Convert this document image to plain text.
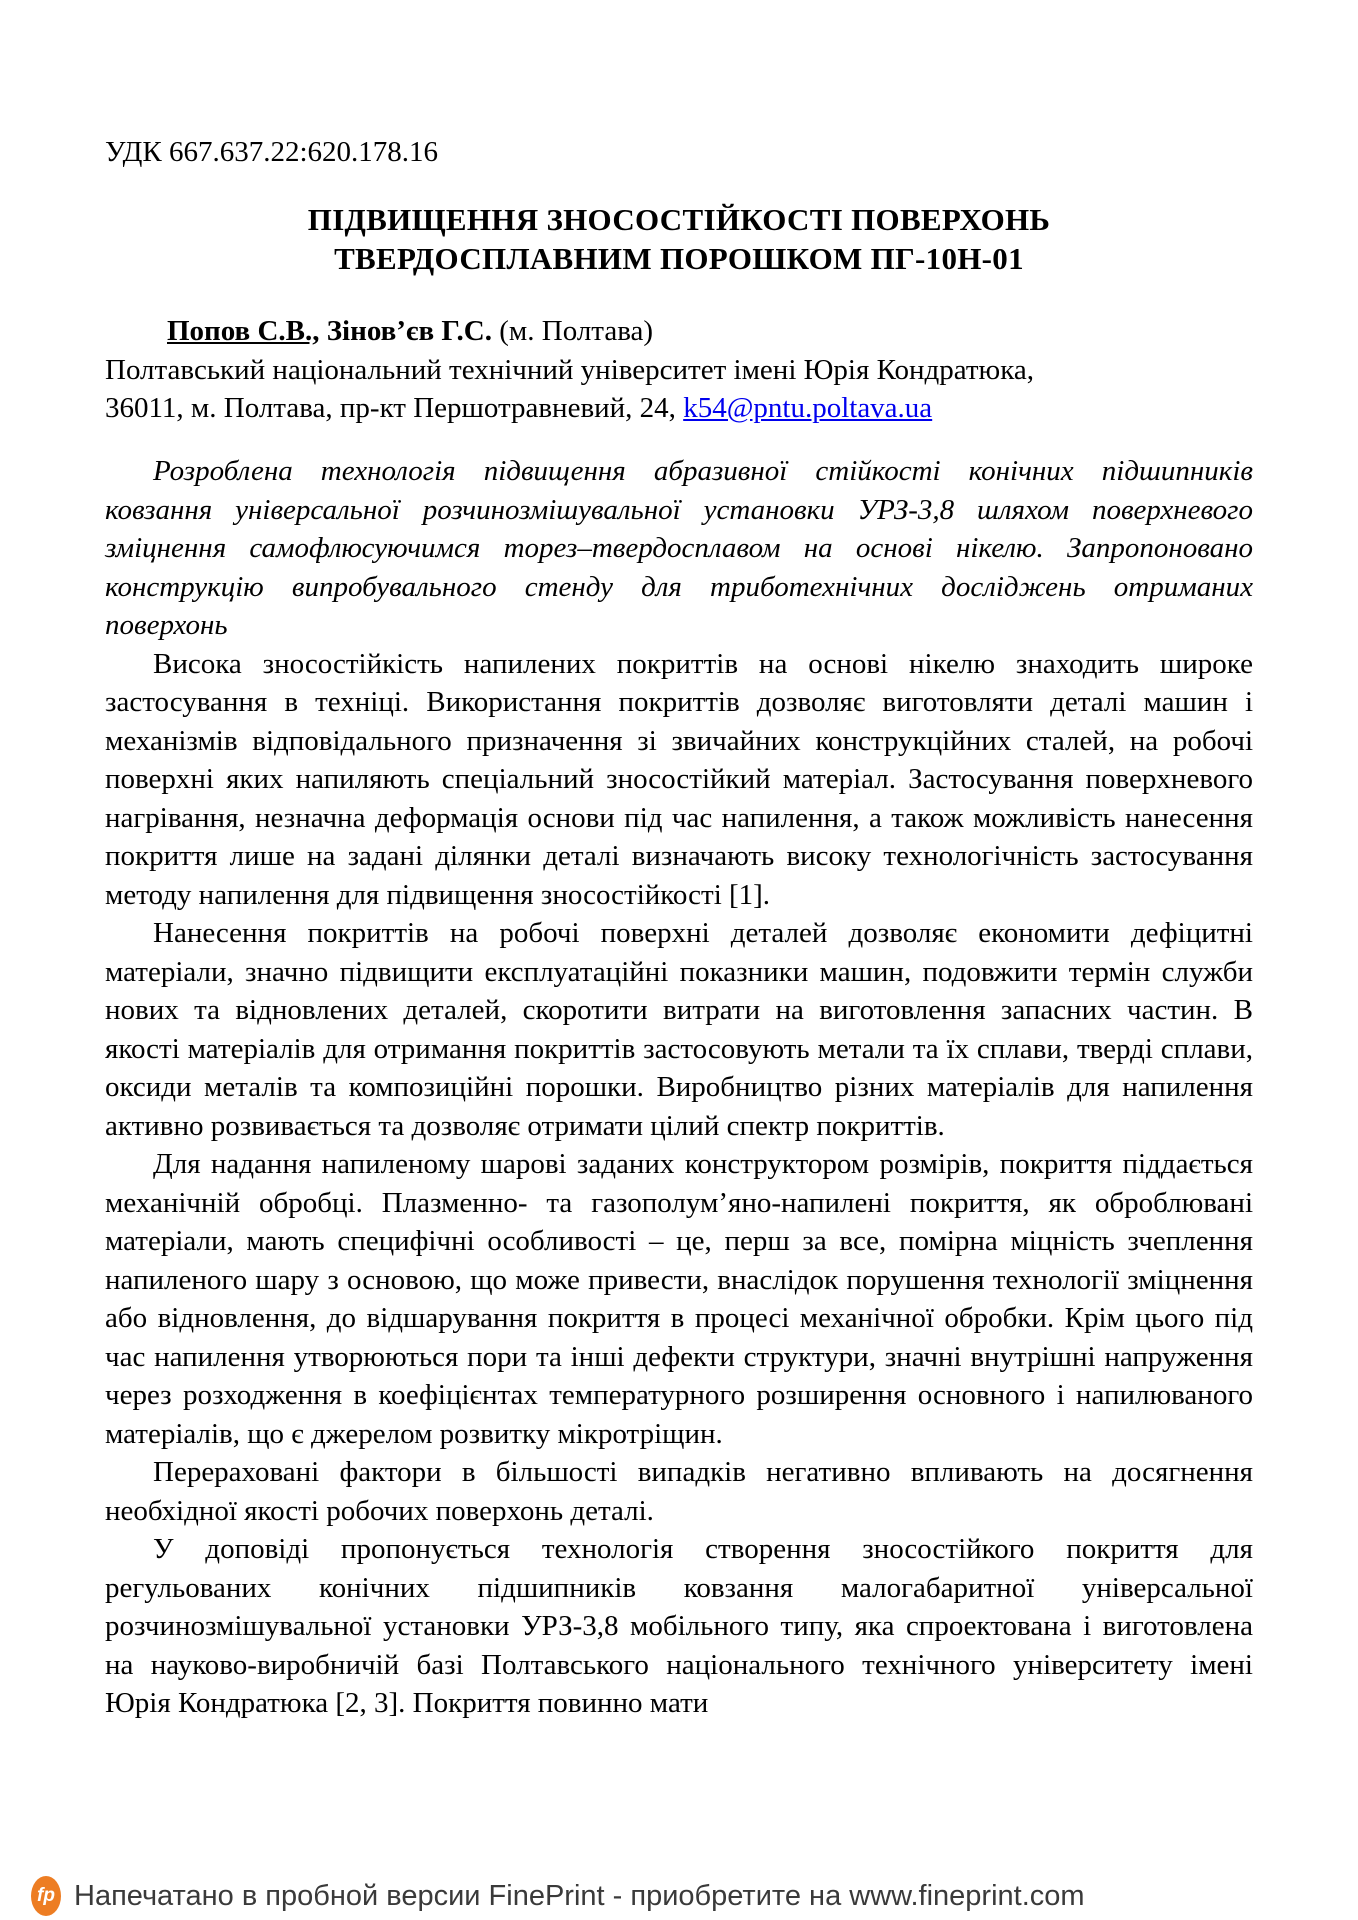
УДК 667.637.22:620.178.16
ПІДВИЩЕННЯ ЗНОСОСТІЙКОСТІ ПОВЕРХОНЬ
ТВЕРДОСПЛАВНИМ ПОРОШКОМ ПГ-10Н-01
Попов С.В., Зінов’єв Г.С. (м. Полтава)
Полтавський національний технічний університет імені Юрія Кондратюка,
36011, м. Полтава, пр-кт Першотравневий, 24, k54@pntu.poltava.ua

Розроблена технологія підвищення абразивної стійкості конічних підшипників ковзання універсальної розчинозмішувальної установки УРЗ-3,8 шляхом поверхневого зміцнення самофлюсуючимся торез–твердосплавом на основі нікелю. Запропоновано конструкцію випробувального стенду для триботехнічних досліджень отриманих поверхонь

Висока зносостійкість напилених покриттів на основі нікелю знаходить широке застосування в техніці. Використання покриттів дозволяє виготовляти деталі машин і механізмів відповідального призначення зі звичайних конструкційних сталей, на робочі поверхні яких напиляють спеціальний зносостійкий матеріал. Застосування поверхневого нагрівання, незначна деформація основи під час напилення, а також можливість нанесення покриття лише на задані ділянки деталі визначають високу технологічність застосування методу напилення для підвищення зносостійкості [1].

Нанесення покриттів на робочі поверхні деталей дозволяє економити дефіцитні матеріали, значно підвищити експлуатаційні показники машин, подовжити термін служби нових та відновлених деталей, скоротити витрати на виготовлення запасних частин. В якості матеріалів для отримання покриттів застосовують метали та їх сплави, тверді сплави, оксиди металів та композиційні порошки. Виробництво різних матеріалів для напилення активно розвивається та дозволяє отримати цілий спектр покриттів.

Для надання напиленому шарові заданих конструктором розмірів, покриття піддається механічній обробці. Плазменно- та газополум’яно-напилені покриття, як оброблювані матеріали, мають специфічні особливості – це, перш за все, помірна міцність зчеплення напиленого шару з основою, що може привести, внаслідок порушення технології зміцнення або відновлення, до відшарування покриття в процесі механічної обробки. Крім цього під час напилення утворюються пори та інші дефекти структури, значні внутрішні напруження через розходження в коефіцієнтах температурного розширення основного і напилюваного матеріалів, що є джерелом розвитку мікротріщин.

Перераховані фактори в більшості випадків негативно впливають на досягнення необхідної якості робочих поверхонь деталі.

У доповіді пропонується технологія створення зносостійкого покриття для регульованих конічних підшипників ковзання малогабаритної універсальної розчинозмішувальної установки УРЗ-3,8 мобільного типу, яка спроектована і виготовлена на науково-виробничій базі Полтавського національного технічного університету імені Юрія Кондратюка [2, 3]. Покриття повинно мати

fp Напечатано в пробной версии FinePrint - приобретите на www.fineprint.com
